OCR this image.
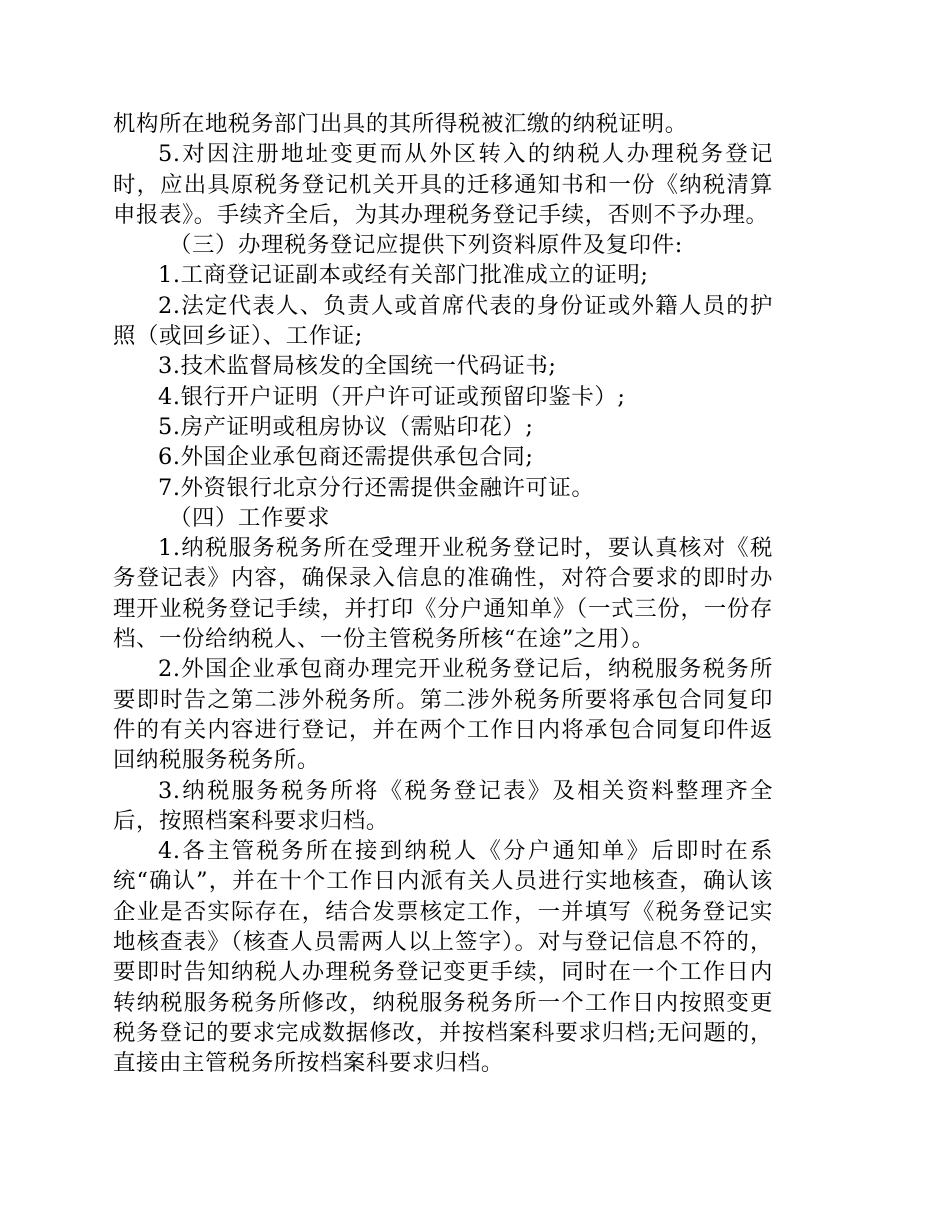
机构所在地税务部门出具的其所得税被汇缴的纳税证明。

5.对因注册地址变更而从外区转入的纳税人办理税务登记时，应出具原税务登记机关开具的迁移通知书和一份《纳税清算申报表》。手续齐全后，为其办理税务登记手续，否则不予办理。

（三）办理税务登记应提供下列资料原件及复印件:

1.工商登记证副本或经有关部门批准成立的证明;

2.法定代表人、负责人或首席代表的身份证或外籍人员的护照（或回乡证）、工作证;

3.技术监督局核发的全国统一代码证书;

4.银行开户证明（开户许可证或预留印鉴卡）;

5.房产证明或租房协议（需贴印花）;

6.外国企业承包商还需提供承包合同;

7.外资银行北京分行还需提供金融许可证。

（四）工作要求

1.纳税服务税务所在受理开业税务登记时，要认真核对《税务登记表》内容，确保录入信息的准确性，对符合要求的即时办理开业税务登记手续，并打印《分户通知单》（一式三份，一份存档、一份给纳税人、一份主管税务所核“在途”之用）。

2.外国企业承包商办理完开业税务登记后，纳税服务税务所要即时告之第二涉外税务所。第二涉外税务所要将承包合同复印件的有关内容进行登记，并在两个工作日内将承包合同复印件返回纳税服务税务所。

3.纳税服务税务所将《税务登记表》及相关资料整理齐全后，按照档案科要求归档。

4.各主管税务所在接到纳税人《分户通知单》后即时在系统“确认”，并在十个工作日内派有关人员进行实地核查，确认该企业是否实际存在，结合发票核定工作，一并填写《税务登记实地核查表》（核查人员需两人以上签字）。对与登记信息不符的，要即时告知纳税人办理税务登记变更手续，同时在一个工作日内转纳税服务税务所修改，纳税服务税务所一个工作日内按照变更税务登记的要求完成数据修改，并按档案科要求归档;无问题的，直接由主管税务所按档案科要求归档。
